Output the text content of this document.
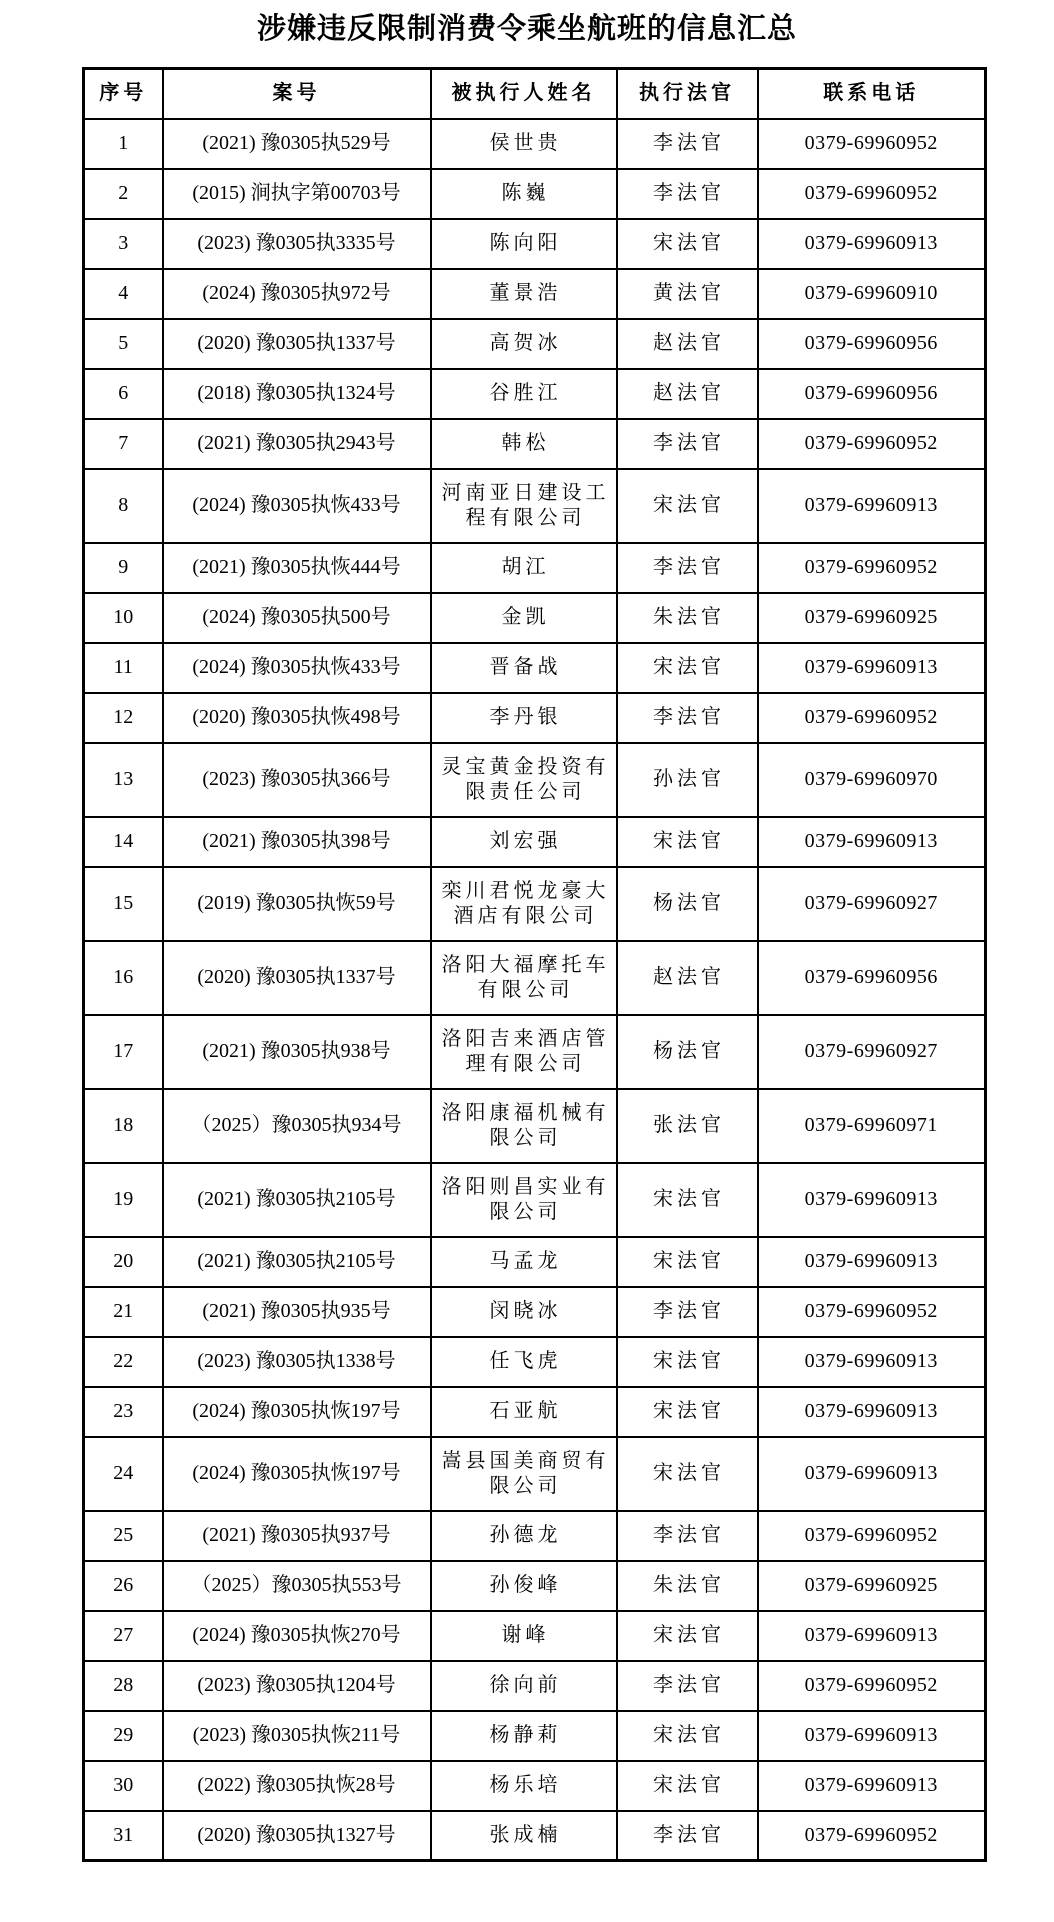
涉嫌违反限制消费令乘坐航班的信息汇总
序号	案号	被执行人姓名	执行法官	联系电话
1	(2021) 豫0305执529号	侯世贵	李法官	0379-69960952
2	(2015) 涧执字第00703号	陈巍	李法官	0379-69960952
3	(2023) 豫0305执3335号	陈向阳	宋法官	0379-69960913
4	(2024) 豫0305执972号	董景浩	黄法官	0379-69960910
5	(2020) 豫0305执1337号	高贺冰	赵法官	0379-69960956
6	(2018) 豫0305执1324号	谷胜江	赵法官	0379-69960956
7	(2021) 豫0305执2943号	韩松	李法官	0379-69960952
8	(2024) 豫0305执恢433号	河南亚日建设工程有限公司	宋法官	0379-69960913
9	(2021) 豫0305执恢444号	胡江	李法官	0379-69960952
10	(2024) 豫0305执500号	金凯	朱法官	0379-69960925
11	(2024) 豫0305执恢433号	晋备战	宋法官	0379-69960913
12	(2020) 豫0305执恢498号	李丹银	李法官	0379-69960952
13	(2023) 豫0305执366号	灵宝黄金投资有限责任公司	孙法官	0379-69960970
14	(2021) 豫0305执398号	刘宏强	宋法官	0379-69960913
15	(2019) 豫0305执恢59号	栾川君悦龙豪大酒店有限公司	杨法官	0379-69960927
16	(2020) 豫0305执1337号	洛阳大福摩托车有限公司	赵法官	0379-69960956
17	(2021) 豫0305执938号	洛阳吉来酒店管理有限公司	杨法官	0379-69960927
18	（2025）豫0305执934号	洛阳康福机械有限公司	张法官	0379-69960971
19	(2021) 豫0305执2105号	洛阳则昌实业有限公司	宋法官	0379-69960913
20	(2021) 豫0305执2105号	马孟龙	宋法官	0379-69960913
21	(2021) 豫0305执935号	闵晓冰	李法官	0379-69960952
22	(2023) 豫0305执1338号	任飞虎	宋法官	0379-69960913
23	(2024) 豫0305执恢197号	石亚航	宋法官	0379-69960913
24	(2024) 豫0305执恢197号	嵩县国美商贸有限公司	宋法官	0379-69960913
25	(2021) 豫0305执937号	孙德龙	李法官	0379-69960952
26	（2025）豫0305执553号	孙俊峰	朱法官	0379-69960925
27	(2024) 豫0305执恢270号	谢峰	宋法官	0379-69960913
28	(2023) 豫0305执1204号	徐向前	李法官	0379-69960952
29	(2023) 豫0305执恢211号	杨静莉	宋法官	0379-69960913
30	(2022) 豫0305执恢28号	杨乐培	宋法官	0379-69960913
31	(2020) 豫0305执1327号	张成楠	李法官	0379-69960952
